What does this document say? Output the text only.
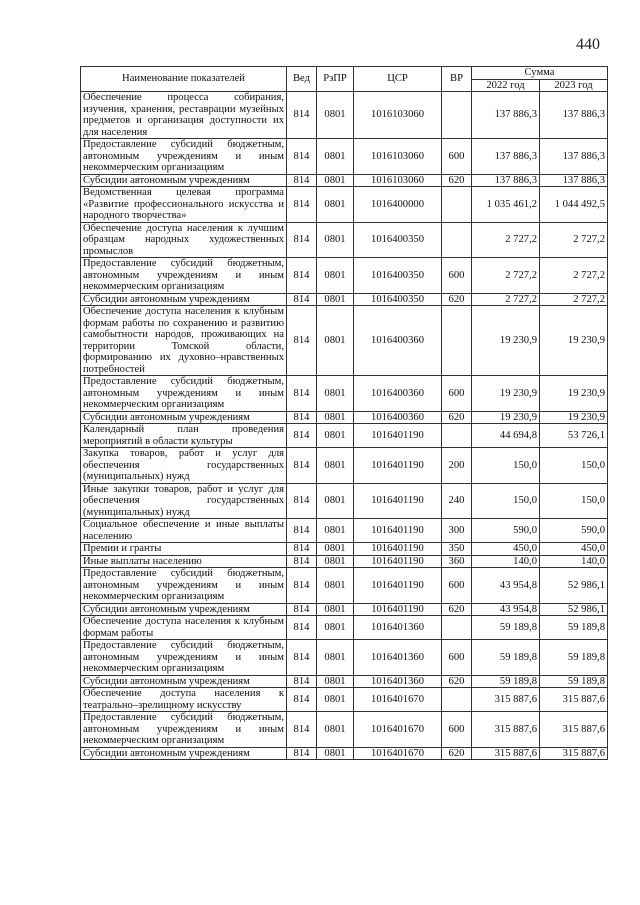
440
Наименование показателей	Вед	РзПР	ЦСР	ВР	Сумма	
					2022 год	2023 год
Обеспечение процесса собирания, изучения, хранения, реставрации музейных предметов и организация доступности их для населения	814	0801	1016103060		137 886,3	137 886,3
Предоставление субсидий бюджетным, автономным учреждениям и иным некоммерческим организациям	814	0801	1016103060	600	137 886,3	137 886,3
Субсидии автономным учреждениям	814	0801	1016103060	620	137 886,3	137 886,3
Ведомственная целевая программа «Развитие профессионального искусства и народного творчества»	814	0801	1016400000		1 035 461,2	1 044 492,5
Обеспечение доступа населения к лучшим образцам народных художественных промыслов	814	0801	1016400350		2 727,2	2 727,2
Предоставление субсидий бюджетным, автономным учреждениям и иным некоммерческим организациям	814	0801	1016400350	600	2 727,2	2 727,2
Субсидии автономным учреждениям	814	0801	1016400350	620	2 727,2	2 727,2
Обеспечение доступа населения к клубным формам работы по сохранению и развитию самобытности народов, проживающих на территории Томской области, формированию их духовно–нравственных потребностей	814	0801	1016400360		19 230,9	19 230,9
Предоставление субсидий бюджетным, автономным учреждениям и иным некоммерческим организациям	814	0801	1016400360	600	19 230,9	19 230,9
Субсидии автономным учреждениям	814	0801	1016400360	620	19 230,9	19 230,9
Календарный план проведения мероприятий в области культуры	814	0801	1016401190		44 694,8	53 726,1
Закупка товаров, работ и услуг для обеспечения государственных (муниципальных) нужд	814	0801	1016401190	200	150,0	150,0
Иные закупки товаров, работ и услуг для обеспечения государственных (муниципальных) нужд	814	0801	1016401190	240	150,0	150,0
Социальное обеспечение и иные выплаты населению	814	0801	1016401190	300	590,0	590,0
Премии и гранты	814	0801	1016401190	350	450,0	450,0
Иные выплаты населению	814	0801	1016401190	360	140,0	140,0
Предоставление субсидий бюджетным, автономным учреждениям и иным некоммерческим организациям	814	0801	1016401190	600	43 954,8	52 986,1
Субсидии автономным учреждениям	814	0801	1016401190	620	43 954,8	52 986,1
Обеспечение доступа населения к клубным формам работы	814	0801	1016401360		59 189,8	59 189,8
Предоставление субсидий бюджетным, автономным учреждениям и иным некоммерческим организациям	814	0801	1016401360	600	59 189,8	59 189,8
Субсидии автономным учреждениям	814	0801	1016401360	620	59 189,8	59 189,8
Обеспечение доступа населения к театрально–зрелищному искусству	814	0801	1016401670		315 887,6	315 887,6
Предоставление субсидий бюджетным, автономным учреждениям и иным некоммерческим организациям	814	0801	1016401670	600	315 887,6	315 887,6
Субсидии автономным учреждениям	814	0801	1016401670	620	315 887,6	315 887,6
